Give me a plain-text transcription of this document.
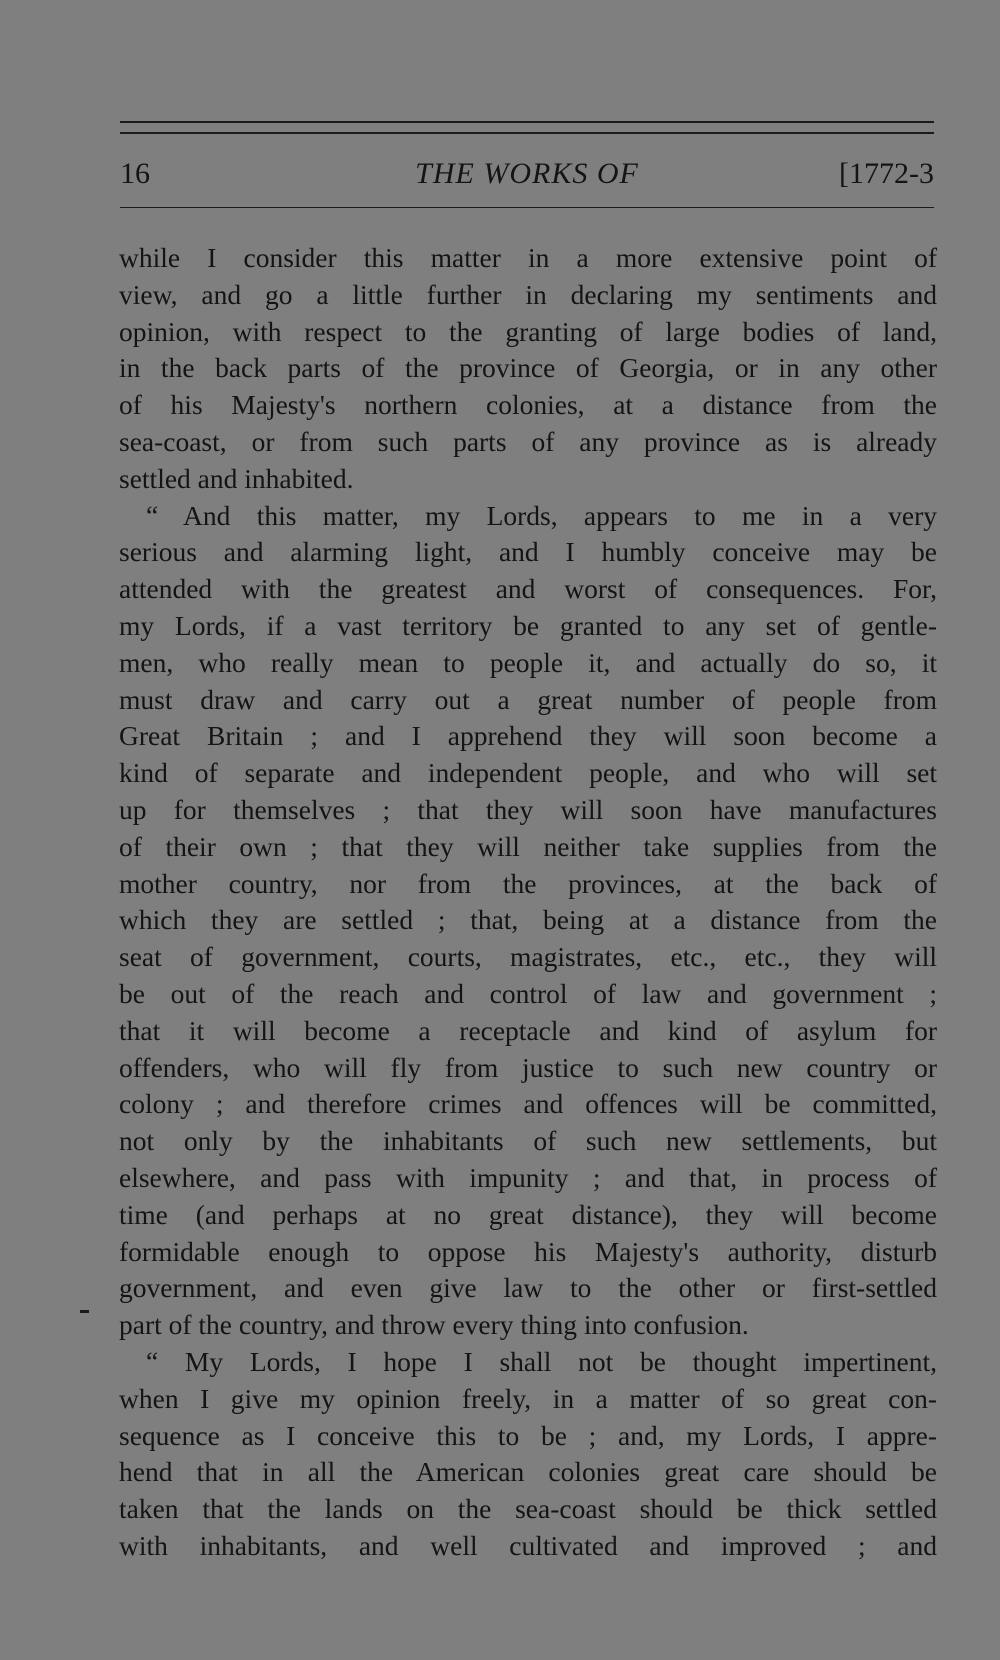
16	THE WORKS OF	[1772-3
while I consider this matter in a more extensive point of
view, and go a little further in declaring my sentiments and
opinion, with respect to the granting of large bodies of land,
in the back parts of the province of Georgia, or in any other
of his Majesty's northern colonies, at a distance from the
sea-coast, or from such parts of any province as is already
settled and inhabited.
“ And this matter, my Lords, appears to me in a very
serious and alarming light, and I humbly conceive may be
attended with the greatest and worst of consequences. For,
my Lords, if a vast territory be granted to any set of gentle-
men, who really mean to people it, and actually do so, it
must draw and carry out a great number of people from
Great Britain ; and I apprehend they will soon become a
kind of separate and independent people, and who will set
up for themselves ; that they will soon have manufactures
of their own ; that they will neither take supplies from the
mother country, nor from the provinces, at the back of
which they are settled ; that, being at a distance from the
seat of government, courts, magistrates, etc., etc., they will
be out of the reach and control of law and government ;
that it will become a receptacle and kind of asylum for
offenders, who will fly from justice to such new country or
colony ; and therefore crimes and offences will be committed,
not only by the inhabitants of such new settlements, but
elsewhere, and pass with impunity ; and that, in process of
time (and perhaps at no great distance), they will become
formidable enough to oppose his Majesty's authority, disturb
government, and even give law to the other or first-settled
part of the country, and throw every thing into confusion.
“ My Lords, I hope I shall not be thought impertinent,
when I give my opinion freely, in a matter of so great con-
sequence as I conceive this to be ; and, my Lords, I appre-
hend that in all the American colonies great care should be
taken that the lands on the sea-coast should be thick settled
with inhabitants, and well cultivated and improved ; and
